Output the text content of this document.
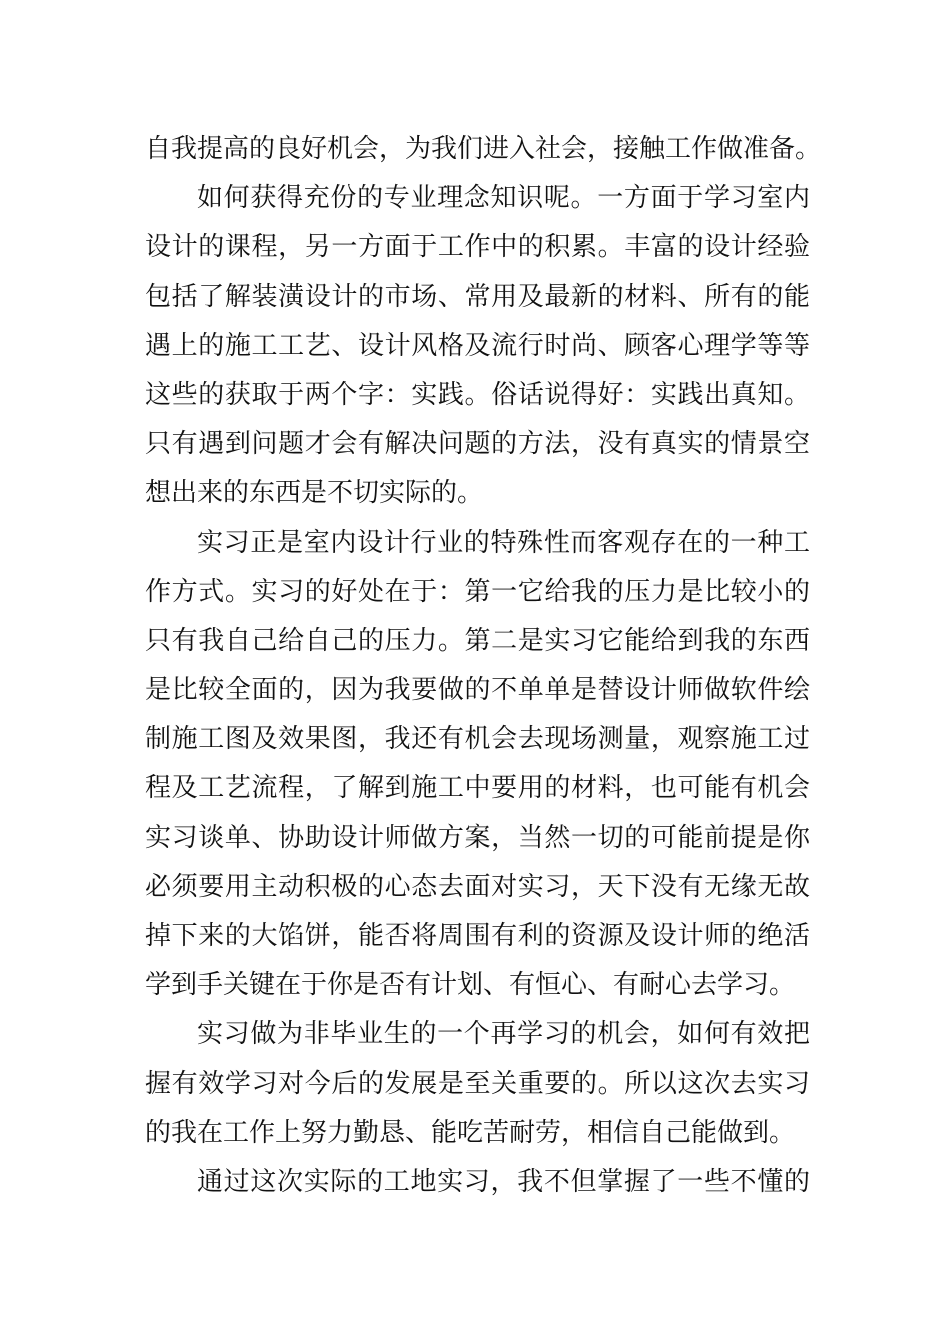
自我提高的良好机会，为我们进入社会，接触工作做准备。
如何获得充份的专业理念知识呢。一方面于学习室内
设计的课程，另一方面于工作中的积累。丰富的设计经验
包括了解装潢设计的市场、常用及最新的材料、所有的能
遇上的施工工艺、设计风格及流行时尚、顾客心理学等等
这些的获取于两个字：实践。俗话说得好：实践出真知。
只有遇到问题才会有解决问题的方法，没有真实的情景空
想出来的东西是不切实际的。
实习正是室内设计行业的特殊性而客观存在的一种工
作方式。实习的好处在于：第一它给我的压力是比较小的
只有我自己给自己的压力。第二是实习它能给到我的东西
是比较全面的，因为我要做的不单单是替设计师做软件绘
制施工图及效果图，我还有机会去现场测量，观察施工过
程及工艺流程，了解到施工中要用的材料，也可能有机会
实习谈单、协助设计师做方案，当然一切的可能前提是你
必须要用主动积极的心态去面对实习，天下没有无缘无故
掉下来的大馅饼，能否将周围有利的资源及设计师的绝活
学到手关键在于你是否有计划、有恒心、有耐心去学习。
实习做为非毕业生的一个再学习的机会，如何有效把
握有效学习对今后的发展是至关重要的。所以这次去实习
的我在工作上努力勤恳、能吃苦耐劳，相信自己能做到。
通过这次实际的工地实习，我不但掌握了一些不懂的
